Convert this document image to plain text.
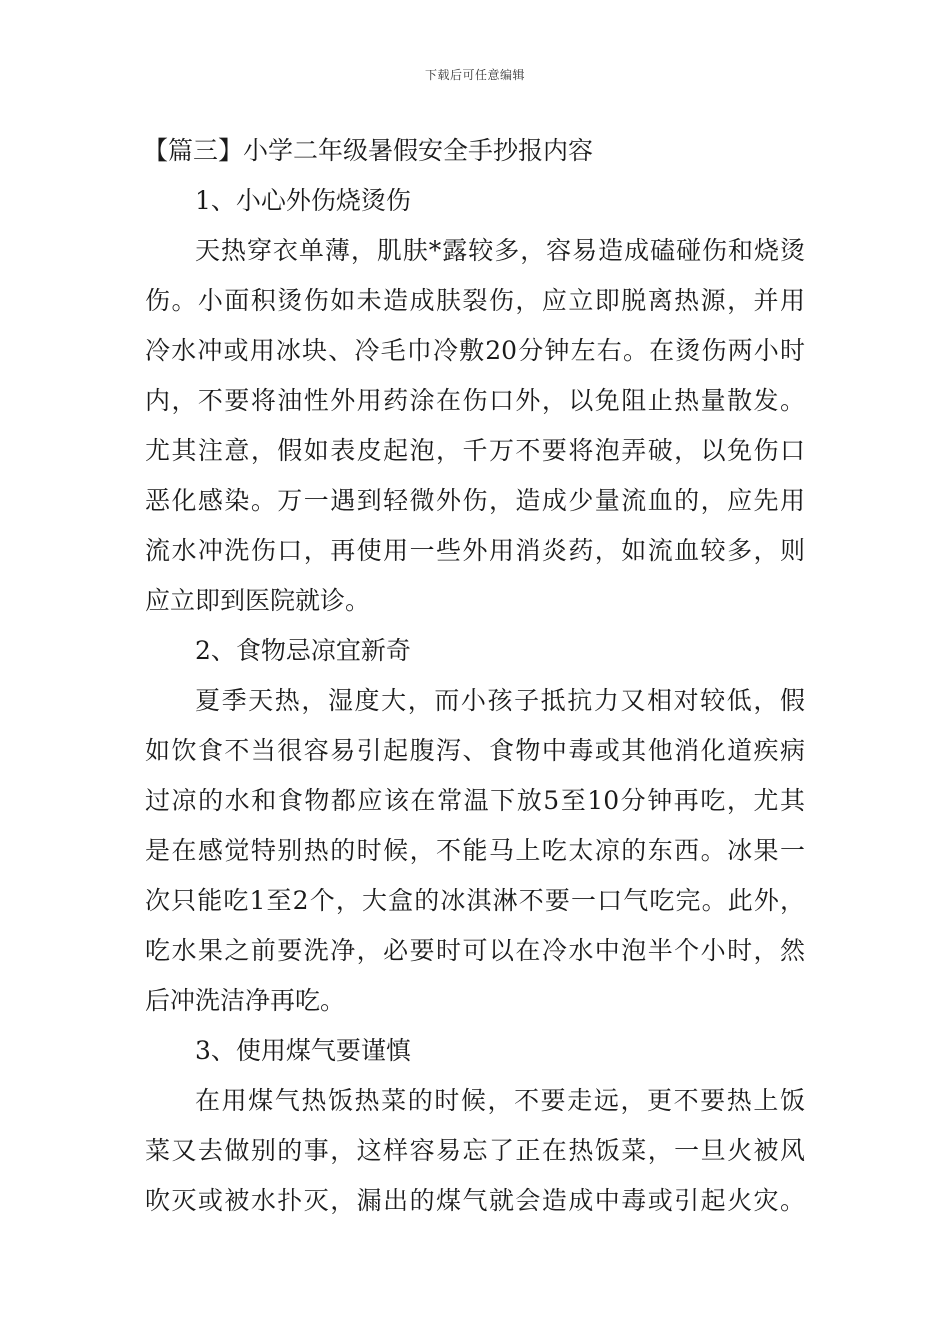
下载后可任意编辑
【篇三】小学二年级暑假安全手抄报内容
1、小心外伤烧烫伤
天热穿衣单薄，肌肤*露较多，容易造成磕碰伤和烧烫
伤。小面积烫伤如未造成肤裂伤，应立即脱离热源，并用
冷水冲或用冰块、冷毛巾冷敷20分钟左右。在烫伤两小时
内，不要将油性外用药涂在伤口外，以免阻止热量散发。
尤其注意，假如表皮起泡，千万不要将泡弄破，以免伤口
恶化感染。万一遇到轻微外伤，造成少量流血的，应先用
流水冲洗伤口，再使用一些外用消炎药，如流血较多，则
应立即到医院就诊。
2、食物忌凉宜新奇
夏季天热，湿度大，而小孩子抵抗力又相对较低，假
如饮食不当很容易引起腹泻、食物中毒或其他消化道疾病
过凉的水和食物都应该在常温下放5至10分钟再吃，尤其
是在感觉特别热的时候，不能马上吃太凉的东西。冰果一
次只能吃1至2个，大盒的冰淇淋不要一口气吃完。此外，
吃水果之前要洗净，必要时可以在冷水中泡半个小时，然
后冲洗洁净再吃。
3、使用煤气要谨慎
在用煤气热饭热菜的时候，不要走远，更不要热上饭
菜又去做别的事，这样容易忘了正在热饭菜，一旦火被风
吹灭或被水扑灭，漏出的煤气就会造成中毒或引起火灾。
